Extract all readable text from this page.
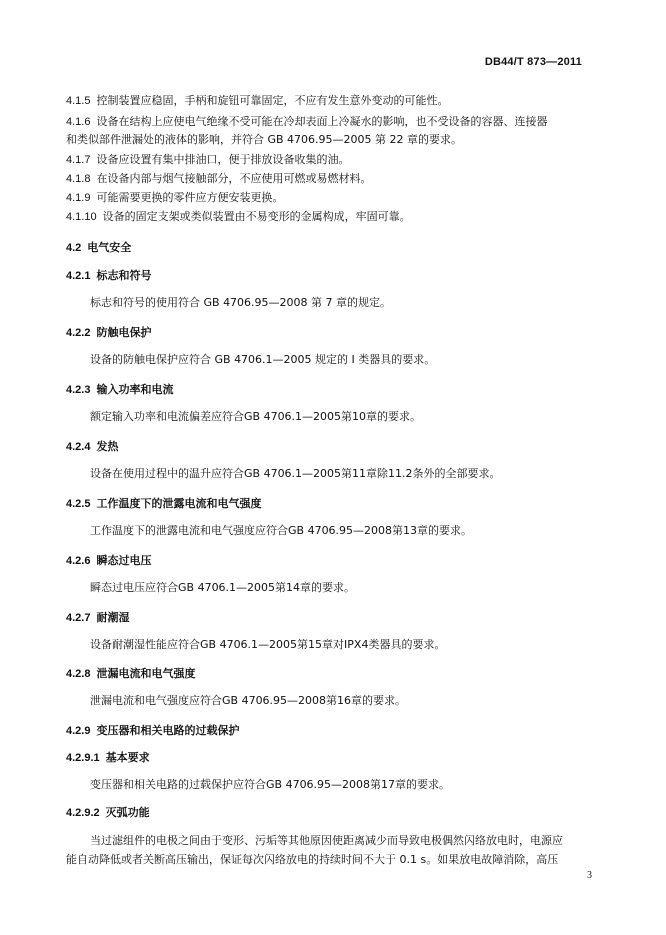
DB44/T 873—2011
4.1.5 控制装置应稳固，手柄和旋钮可靠固定，不应有发生意外变动的可能性。
4.1.6 设备在结构上应使电气绝缘不受可能在冷却表面上冷凝水的影响，也不受设备的容器、连接器
和类似部件泄漏处的液体的影响，并符合 GB 4706.95—2005 第 22 章的要求。
4.1.7 设备应设置有集中排油口，便于排放设备收集的油。
4.1.8 在设备内部与烟气接触部分，不应使用可燃或易燃材料。
4.1.9 可能需要更换的零件应方便安装更换。
4.1.10 设备的固定支架或类似装置由不易变形的金属构成，牢固可靠。
4.2 电气安全
4.2.1 标志和符号
标志和符号的使用符合 GB 4706.95—2008 第 7 章的规定。
4.2.2 防触电保护
设备的防触电保护应符合 GB 4706.1—2005 规定的 I 类器具的要求。
4.2.3 输入功率和电流
额定输入功率和电流偏差应符合GB 4706.1—2005第10章的要求。
4.2.4 发热
设备在使用过程中的温升应符合GB 4706.1—2005第11章除11.2条外的全部要求。
4.2.5 工作温度下的泄露电流和电气强度
工作温度下的泄露电流和电气强度应符合GB 4706.95—2008第13章的要求。
4.2.6 瞬态过电压
瞬态过电压应符合GB 4706.1—2005第14章的要求。
4.2.7 耐潮湿
设备耐潮湿性能应符合GB 4706.1—2005第15章对IPX4类器具的要求。
4.2.8 泄漏电流和电气强度
泄漏电流和电气强度应符合GB 4706.95—2008第16章的要求。
4.2.9 变压器和相关电路的过载保护
4.2.9.1 基本要求
变压器和相关电路的过载保护应符合GB 4706.95—2008第17章的要求。
4.2.9.2 灭弧功能
当过滤组件的电极之间由于变形、污垢等其他原因使距离减少而导致电极偶然闪络放电时，电源应
能自动降低或者关断高压输出，保证每次闪络放电的持续时间不大于 0.1 s。如果放电故障消除，高压
3
